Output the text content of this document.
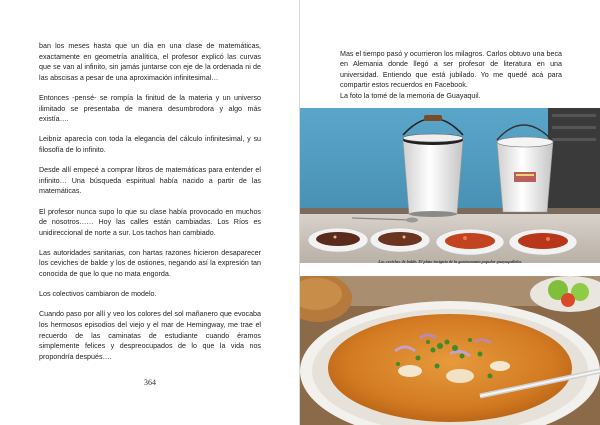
ban los meses hasta que un día en una clase de matemáticas, exactamente en geometría analítica, el profesor explicó las curvas que se van al infinito, sin jamás juntarse con eje de la ordenada ni de las abscisas a pesar de una aproximación infinitesimal…

Entonces -pensé- se rompía la finitud de la materia y un universo ilimitado se presentaba de manera desumbrodora y algo más existía….

Leibniz aparecía con toda la elegancia del cálculo infinitesimal, y su filosofía de lo infinito.

Desde allí empecé a comprar libros de matemáticas para entender el infinito… Una búsqueda espiritual había nacido a partir de las matemáticas.

El profesor nunca supo lo que su clase había provocado en muchos de nosotros…… Hoy las calles están cambiadas. Los Ríos es unidireccional de norte a sur. Los tachos han cambiado.

Las autoridades sanitarias, con hartas razones hicieron desaparecer los ceviches de balde y los de ostiones, negando así la expresión tan conocida de que lo que no mata engorda.

Los colectivos cambiaron de modelo.

Cuando paso por allí y veo los colores del sol mañanero que evocaba los hermosos episodios del viejo y el mar de Hemingway, me trae el recuerdo de las caminatas de estudiante cuando éramos simplemente felices y despreocupados de lo que la vida nos propondría después….

364

Mas el tiempo pasó y ocurrieron los milagros. Carlos obtuvo una beca en Alemania donde llegó a ser profesor de literatura en una universidad. Entiendo que está jubilado. Yo me quedé acá para compartir estos recuerdos en Facebook.

La foto la tomé de la memoria de Guayaquil.

Los ceviches de balde. El plato insignia de la gastronomía popular guayaquileña.
